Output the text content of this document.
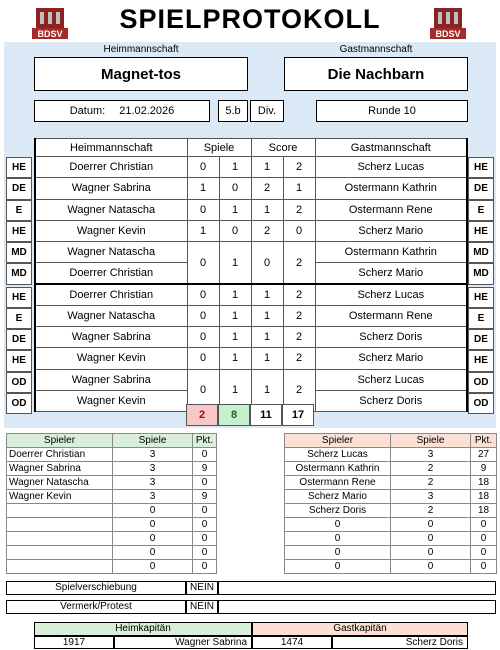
BDSV	BDSV
SPIELPROTOKOLL
Heimmannschaft	Gastmannschaft
Magnet-tos	Die Nachbarn
Datum: 21.02.2026	5.b	Div.	Runde 10
HE
DE
E
HE
MD
MD
HE
E
DE
HE
OD
OD
HE
DE
E
HE
MD
MD
HE
E
DE
HE
OD
OD
Heimmannschaft	Spiele		Score		Gastmannschaft
Doerrer Christian	0	1	1	2	Scherz Lucas
Wagner Sabrina	1	0	2	1	Ostermann Kathrin
Wagner Natascha	0	1	1	2	Ostermann Rene
Wagner Kevin	1	0	2	0	Scherz Mario
Wagner Natascha	0	1	0	2	Ostermann Kathrin
Doerrer Christian					Scherz Mario
Doerrer Christian	0	1	1	2	Scherz Lucas
Wagner Natascha	0	1	1	2	Ostermann Rene
Wagner Sabrina	0	1	1	2	Scherz Doris
Wagner Kevin	0	1	1	2	Scherz Mario
Wagner Sabrina	0	1	1	2	Scherz Lucas
Wagner Kevin					Scherz Doris
2	8	11	17
Spieler	Spiele	Pkt.
Doerrer Christian	3	0
Wagner Sabrina	3	9
Wagner Natascha	3	0
Wagner Kevin	3	9
	0	0
	0	0
	0	0
	0	0
	0	0
Spieler	Spiele	Pkt.
Scherz Lucas	3	27
Ostermann Kathrin	2	9
Ostermann Rene	2	18
Scherz Mario	3	18
Scherz Doris	2	18
0	0	0
0	0	0
0	0	0
0	0	0
Spielverschiebung	NEIN
Vermerk/Protest	NEIN
Heimkapitän	Gastkapitän
1917	Wagner Sabrina	1474	Scherz Doris
